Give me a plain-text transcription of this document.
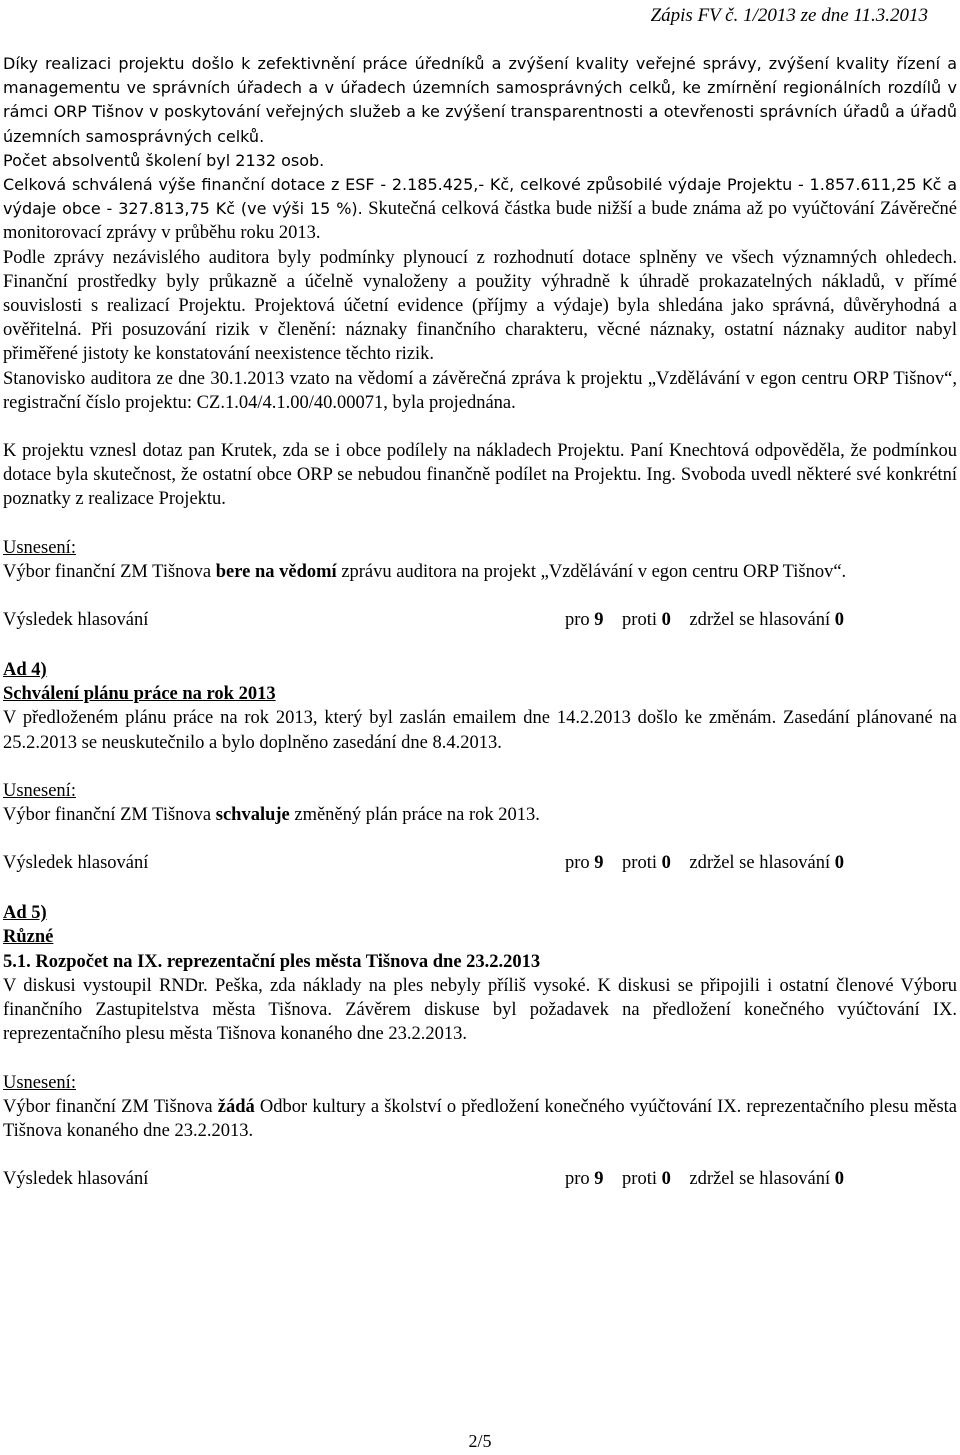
Zápis FV č. 1/2013 ze dne 11.3.2013

Díky realizaci projektu došlo k zefektivnění práce úředníků a zvýšení kvality veřejné správy, zvýšení kvality řízení a managementu ve správních úřadech a v úřadech územních samosprávných celků, ke zmírnění regionálních rozdílů v rámci ORP Tišnov v poskytování veřejných služeb a ke zvýšení transparentnosti a otevřenosti správních úřadů a úřadů územních samosprávných celků.

Počet absolventů školení byl 2132 osob.

Celková schválená výše finanční dotace z ESF - 2.185.425,- Kč, celkové způsobilé výdaje Projektu - 1.857.611,25 Kč a výdaje obce - 327.813,75 Kč (ve výši 15 %). Skutečná celková částka bude nižší a bude známa až po vyúčtování Závěrečné monitorovací zprávy v průběhu roku 2013.

Podle zprávy nezávislého auditora byly podmínky plynoucí z rozhodnutí dotace splněny ve všech významných ohledech. Finanční prostředky byly průkazně a účelně vynaloženy a použity výhradně k úhradě prokazatelných nákladů, v přímé souvislosti s realizací Projektu. Projektová účetní evidence (příjmy a výdaje) byla shledána jako správná, důvěryhodná a ověřitelná. Při posuzování rizik v členění: náznaky finančního charakteru, věcné náznaky, ostatní náznaky auditor nabyl přiměřené jistoty ke konstatování neexistence těchto rizik.

Stanovisko auditora ze dne 30.1.2013 vzato na vědomí a závěrečná zpráva k projektu „Vzdělávání v egon centru ORP Tišnov“, registrační číslo projektu: CZ.1.04/4.1.00/40.00071, byla projednána.

K projektu vznesl dotaz pan Krutek, zda se i obce podílely na nákladech Projektu. Paní Knechtová odpověděla, že podmínkou dotace byla skutečnost, že ostatní obce ORP se nebudou finančně podílet na Projektu. Ing. Svoboda uvedl některé své konkrétní poznatky z realizace Projektu.

Usnesení:

Výbor finanční ZM Tišnova bere na vědomí zprávu auditora na projekt „Vzdělávání v egon centru ORP Tišnov“.

Výsledek hlasování	pro 9    proti 0    zdržel se hlasování 0

Ad 4)

Schválení plánu práce na rok 2013

V předloženém plánu práce na rok 2013, který byl zaslán emailem dne 14.2.2013 došlo ke změnám. Zasedání plánované na 25.2.2013 se neuskutečnilo a bylo doplněno zasedání dne 8.4.2013.

Usnesení:

Výbor finanční ZM Tišnova schvaluje změněný plán práce na rok 2013.

Výsledek hlasování	pro 9    proti 0    zdržel se hlasování 0

Ad 5)

Různé

5.1. Rozpočet na IX. reprezentační ples města Tišnova dne 23.2.2013

V diskusi vystoupil RNDr. Peška, zda náklady na ples nebyly příliš vysoké. K diskusi se připojili i ostatní členové Výboru finančního Zastupitelstva města Tišnova. Závěrem diskuse byl požadavek na předložení konečného vyúčtování IX. reprezentačního plesu města Tišnova konaného dne 23.2.2013.

Usnesení:

Výbor finanční ZM Tišnova žádá Odbor kultury a školství o předložení konečného vyúčtování IX. reprezentačního plesu města Tišnova konaného dne 23.2.2013.

Výsledek hlasování	pro 9    proti 0    zdržel se hlasování 0
2/5
